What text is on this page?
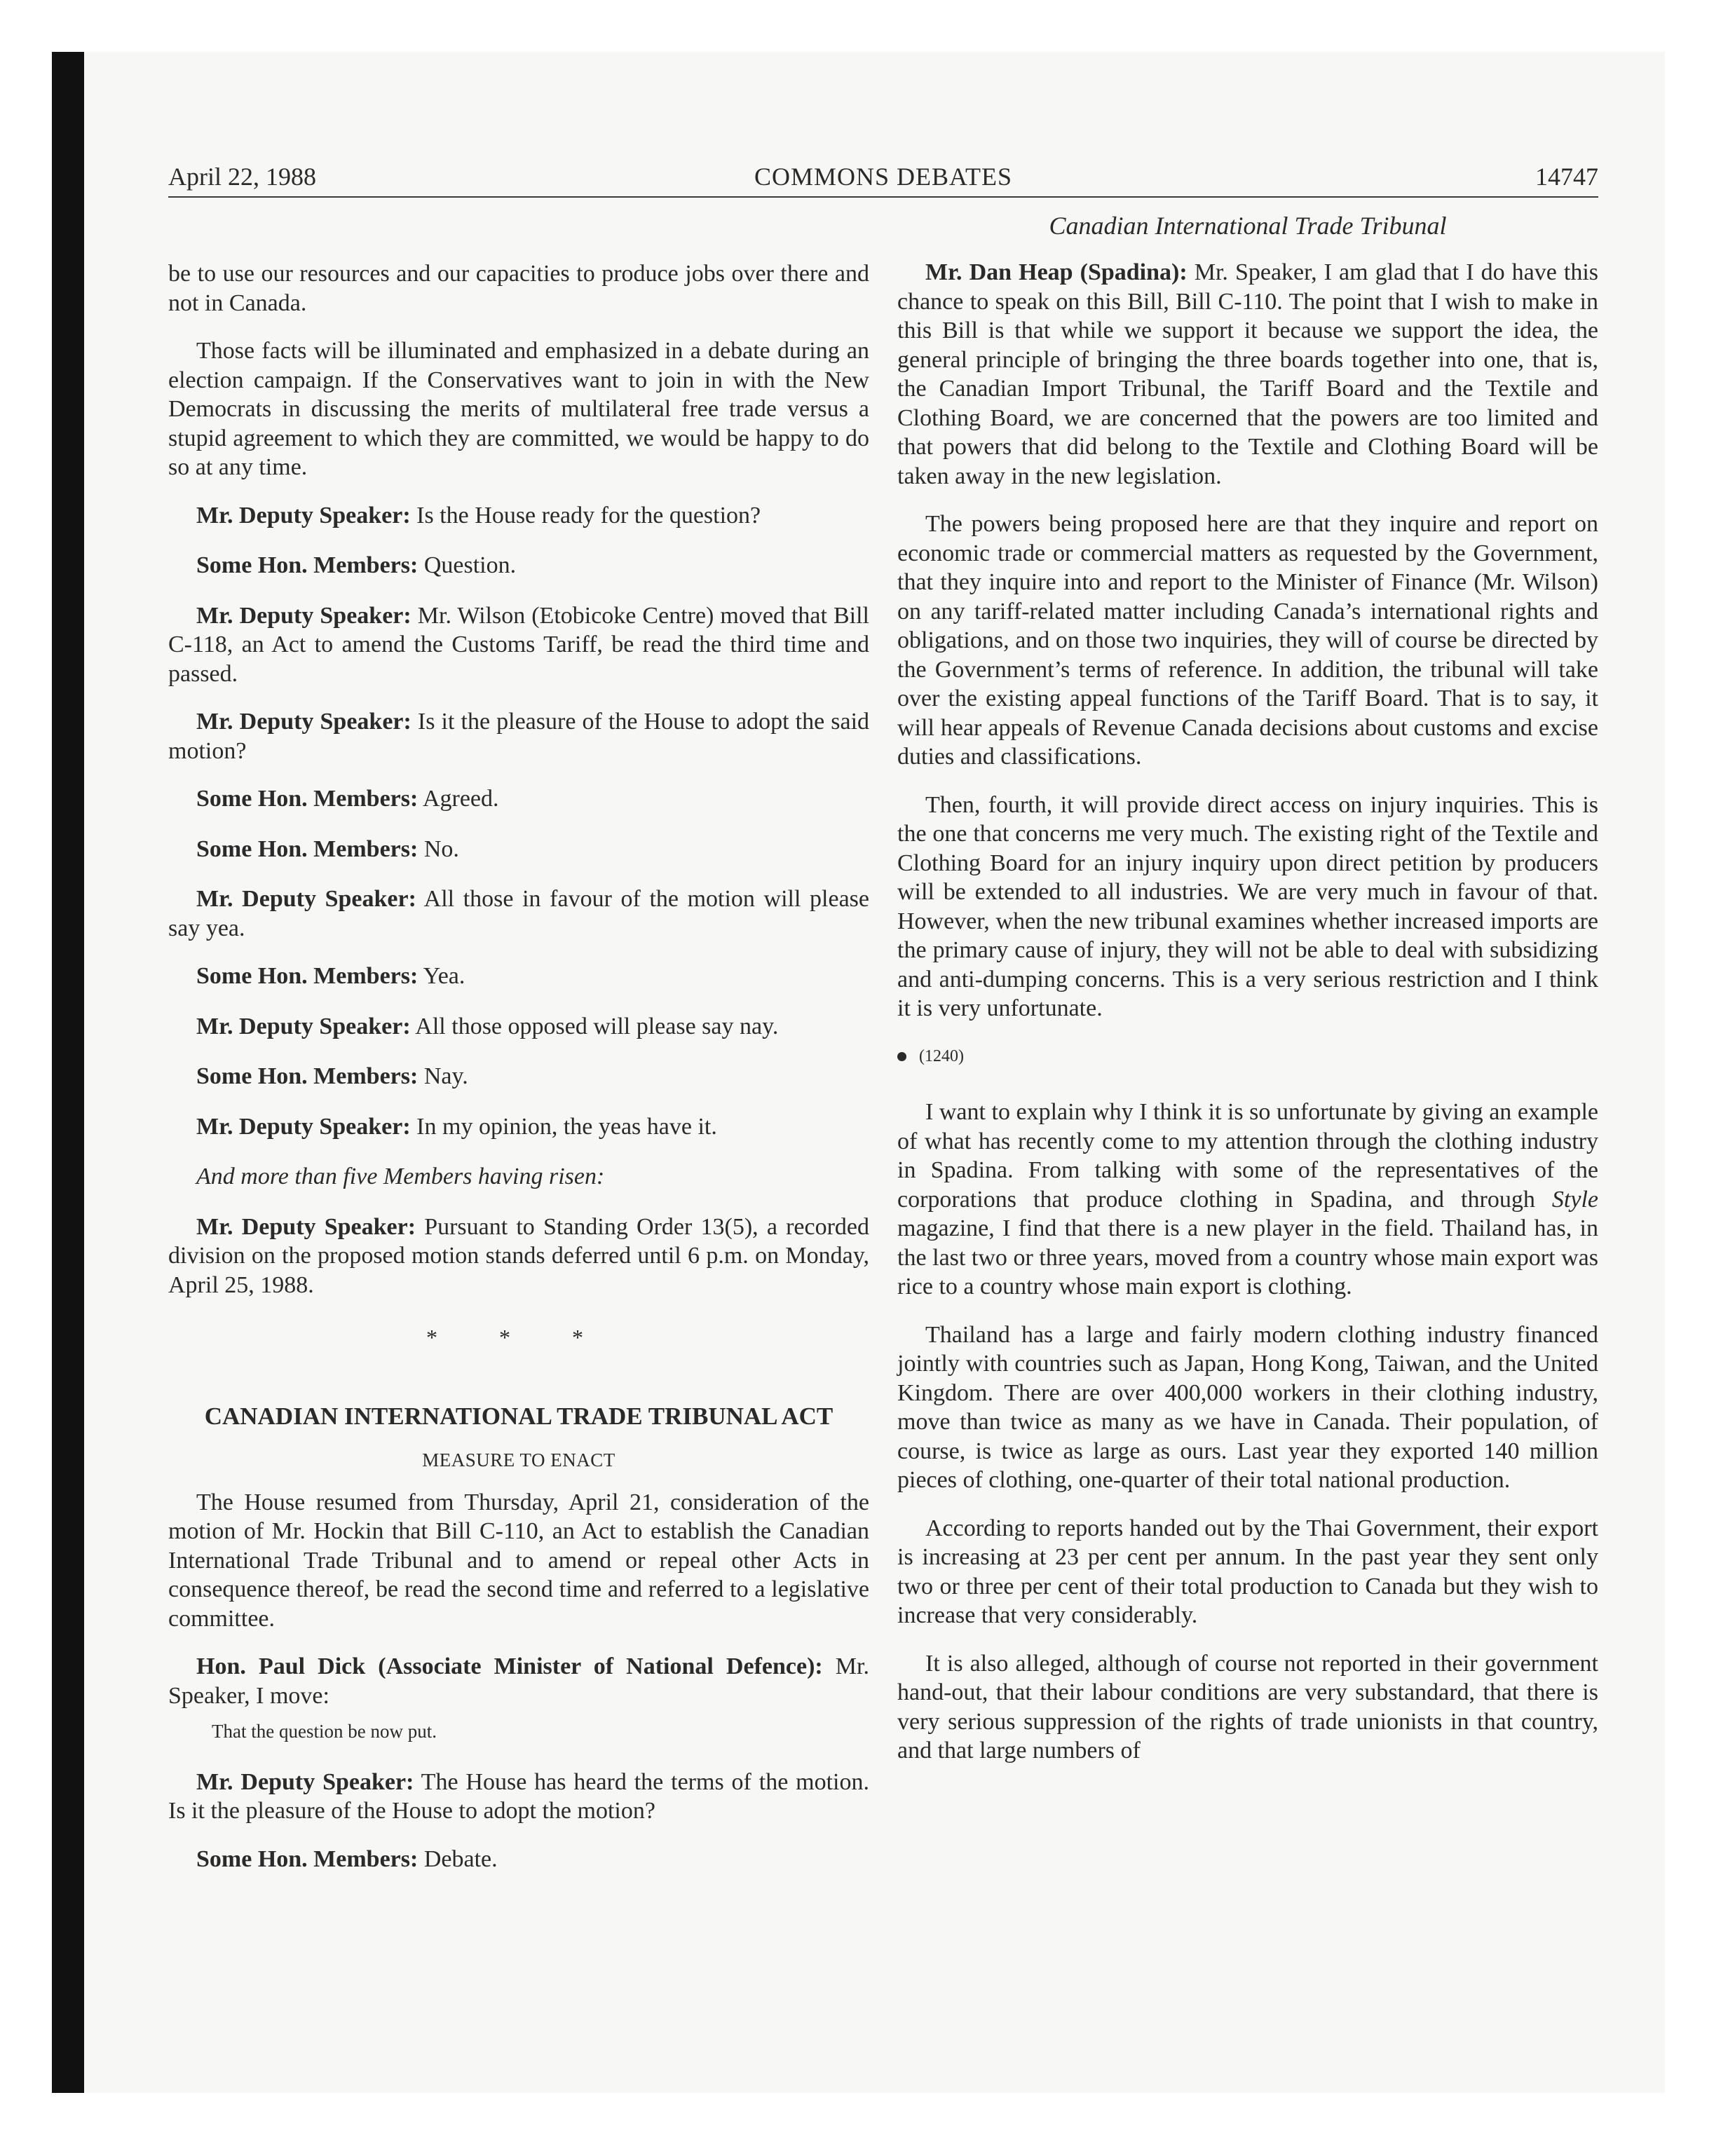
April 22, 1988	COMMONS DEBATES	14747
Canadian International Trade Tribunal

be to use our resources and our capacities to produce jobs over there and not in Canada.

Those facts will be illuminated and emphasized in a debate during an election campaign. If the Conservatives want to join in with the New Democrats in discussing the merits of multilateral free trade versus a stupid agreement to which they are committed, we would be happy to do so at any time.

Mr. Deputy Speaker: Is the House ready for the question?

Some Hon. Members: Question.

Mr. Deputy Speaker: Mr. Wilson (Etobicoke Centre) moved that Bill C-118, an Act to amend the Customs Tariff, be read the third time and passed.

Mr. Deputy Speaker: Is it the pleasure of the House to adopt the said motion?

Some Hon. Members: Agreed.

Some Hon. Members: No.

Mr. Deputy Speaker: All those in favour of the motion will please say yea.

Some Hon. Members: Yea.

Mr. Deputy Speaker: All those opposed will please say nay.

Some Hon. Members: Nay.

Mr. Deputy Speaker: In my opinion, the yeas have it.

And more than five Members having risen:

Mr. Deputy Speaker: Pursuant to Standing Order 13(5), a recorded division on the proposed motion stands deferred until 6 p.m. on Monday, April 25, 1988.

* * *
CANADIAN INTERNATIONAL TRADE TRIBUNAL ACT
MEASURE TO ENACT

The House resumed from Thursday, April 21, consideration of the motion of Mr. Hockin that Bill C-110, an Act to establish the Canadian International Trade Tribunal and to amend or repeal other Acts in consequence thereof, be read the second time and referred to a legislative committee.

Hon. Paul Dick (Associate Minister of National Defence): Mr. Speaker, I move:

That the question be now put.

Mr. Deputy Speaker: The House has heard the terms of the motion. Is it the pleasure of the House to adopt the motion?

Some Hon. Members: Debate.

Mr. Dan Heap (Spadina): Mr. Speaker, I am glad that I do have this chance to speak on this Bill, Bill C-110. The point that I wish to make in this Bill is that while we support it because we support the idea, the general principle of bringing the three boards together into one, that is, the Canadian Import Tribunal, the Tariff Board and the Textile and Clothing Board, we are concerned that the powers are too limited and that powers that did belong to the Textile and Clothing Board will be taken away in the new legislation.

The powers being proposed here are that they inquire and report on economic trade or commercial matters as requested by the Government, that they inquire into and report to the Minister of Finance (Mr. Wilson) on any tariff-related matter including Canada’s international rights and obligations, and on those two inquiries, they will of course be directed by the Government’s terms of reference. In addition, the tribunal will take over the existing appeal functions of the Tariff Board. That is to say, it will hear appeals of Revenue Canada decisions about customs and excise duties and classifications.

Then, fourth, it will provide direct access on injury inquiries. This is the one that concerns me very much. The existing right of the Textile and Clothing Board for an injury inquiry upon direct petition by producers will be extended to all industries. We are very much in favour of that. However, when the new tribunal examines whether increased imports are the primary cause of injury, they will not be able to deal with subsidizing and anti-dumping concerns. This is a very serious restriction and I think it is very unfortunate.

(1240)

I want to explain why I think it is so unfortunate by giving an example of what has recently come to my attention through the clothing industry in Spadina. From talking with some of the representatives of the corporations that produce clothing in Spadina, and through Style magazine, I find that there is a new player in the field. Thailand has, in the last two or three years, moved from a country whose main export was rice to a country whose main export is clothing.

Thailand has a large and fairly modern clothing industry financed jointly with countries such as Japan, Hong Kong, Taiwan, and the United Kingdom. There are over 400,000 workers in their clothing industry, move than twice as many as we have in Canada. Their population, of course, is twice as large as ours. Last year they exported 140 million pieces of clothing, one-quarter of their total national production.

According to reports handed out by the Thai Government, their export is increasing at 23 per cent per annum. In the past year they sent only two or three per cent of their total production to Canada but they wish to increase that very considerably.

It is also alleged, although of course not reported in their government hand-out, that their labour conditions are very substandard, that there is very serious suppression of the rights of trade unionists in that country, and that large numbers of
